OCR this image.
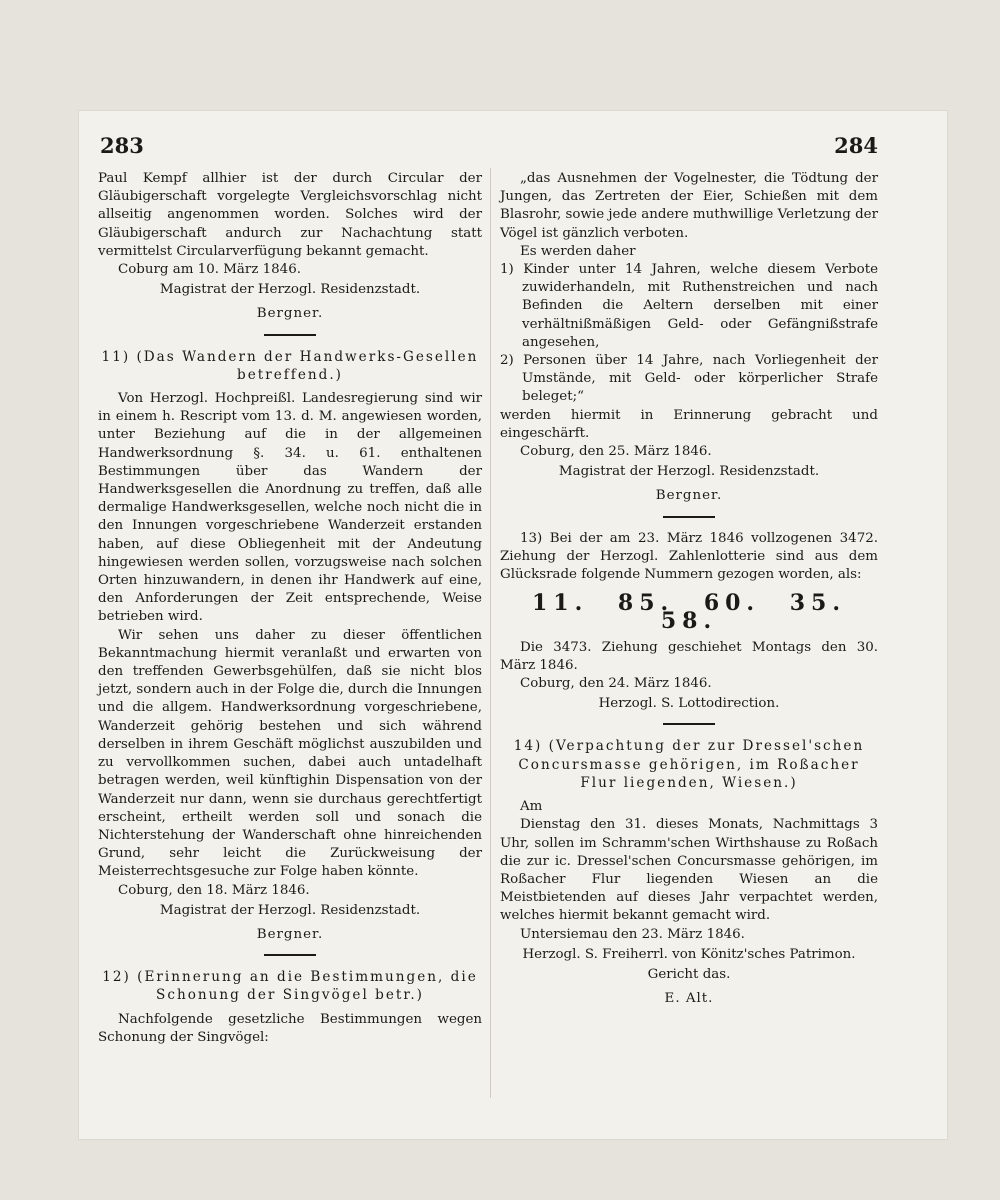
283	284

Paul Kempf allhier ist der durch Circular der Gläubigerschaft vorgelegte Vergleichsvorschlag nicht allseitig angenommen worden. Solches wird der Gläubigerschaft andurch zur Nachachtung statt vermittelst Circularverfügung bekannt gemacht.

Coburg am 10. März 1846.

Magistrat der Herzogl. Residenzstadt.

Bergner.

11) (Das Wandern der Handwerks-Gesellen betreffend.)

Von Herzogl. Hochpreißl. Landesregierung sind wir in einem h. Rescript vom 13. d. M. angewiesen worden, unter Beziehung auf die in der allgemeinen Handwerksordnung §. 34. u. 61. enthaltenen Bestimmungen über das Wandern der Handwerksgesellen die Anordnung zu treffen, daß alle dermalige Handwerksgesellen, welche noch nicht die in den Innungen vorgeschriebene Wanderzeit erstanden haben, auf diese Obliegenheit mit der Andeutung hingewiesen werden sollen, vorzugsweise nach solchen Orten hinzuwandern, in denen ihr Handwerk auf eine, den Anforderungen der Zeit entsprechende, Weise betrieben wird.

Wir sehen uns daher zu dieser öffentlichen Bekanntmachung hiermit veranlaßt und erwarten von den treffenden Gewerbsgehülfen, daß sie nicht blos jetzt, sondern auch in der Folge die, durch die Innungen und die allgem. Handwerksordnung vorgeschriebene, Wanderzeit gehörig bestehen und sich während derselben in ihrem Geschäft möglichst auszubilden und zu vervollkommen suchen, dabei auch untadelhaft betragen werden, weil künftighin Dispensation von der Wanderzeit nur dann, wenn sie durchaus gerechtfertigt erscheint, ertheilt werden soll und sonach die Nichterstehung der Wanderschaft ohne hinreichenden Grund, sehr leicht die Zurückweisung der Meisterrechtsgesuche zur Folge haben könnte.

Coburg, den 18. März 1846.

Magistrat der Herzogl. Residenzstadt.

Bergner.

12) (Erinnerung an die Bestimmungen, die Schonung der Singvögel betr.)

Nachfolgende gesetzliche Bestimmungen wegen Schonung der Singvögel:

„das Ausnehmen der Vogelnester, die Tödtung der Jungen, das Zertreten der Eier, Schießen mit dem Blasrohr, sowie jede andere muthwillige Verletzung der Vögel ist gänzlich verboten.

Es werden daher

1) Kinder unter 14 Jahren, welche diesem Verbote zuwiderhandeln, mit Ruthenstreichen und nach Befinden die Aeltern derselben mit einer verhältnißmäßigen Geld- oder Gefängnißstrafe angesehen,

2) Personen über 14 Jahre, nach Vorliegenheit der Umstände, mit Geld- oder körperlicher Strafe beleget;“

werden hiermit in Erinnerung gebracht und eingeschärft.

Coburg, den 25. März 1846.

Magistrat der Herzogl. Residenzstadt.

Bergner.

13) Bei der am 23. März 1846 vollzogenen 3472. Ziehung der Herzogl. Zahlenlotterie sind aus dem Glücksrade folgende Nummern gezogen worden, als:

11. 85. 60. 35. 58.

Die 3473. Ziehung geschiehet Montags den 30. März 1846.

Coburg, den 24. März 1846.

Herzogl. S. Lottodirection.

14) (Verpachtung der zur Dressel'schen Concursmasse gehörigen, im Roßacher Flur liegenden, Wiesen.)

Am

Dienstag den 31. dieses Monats, Nachmittags 3 Uhr, sollen im Schramm'schen Wirthshause zu Roßach die zur ic. Dressel'schen Concursmasse gehörigen, im Roßacher Flur liegenden Wiesen an die Meistbietenden auf dieses Jahr verpachtet werden, welches hiermit bekannt gemacht wird.

Untersiemau den 23. März 1846.

Herzogl. S. Freiherrl. von Könitz'sches Patrimon.

Gericht das.

E. Alt.
